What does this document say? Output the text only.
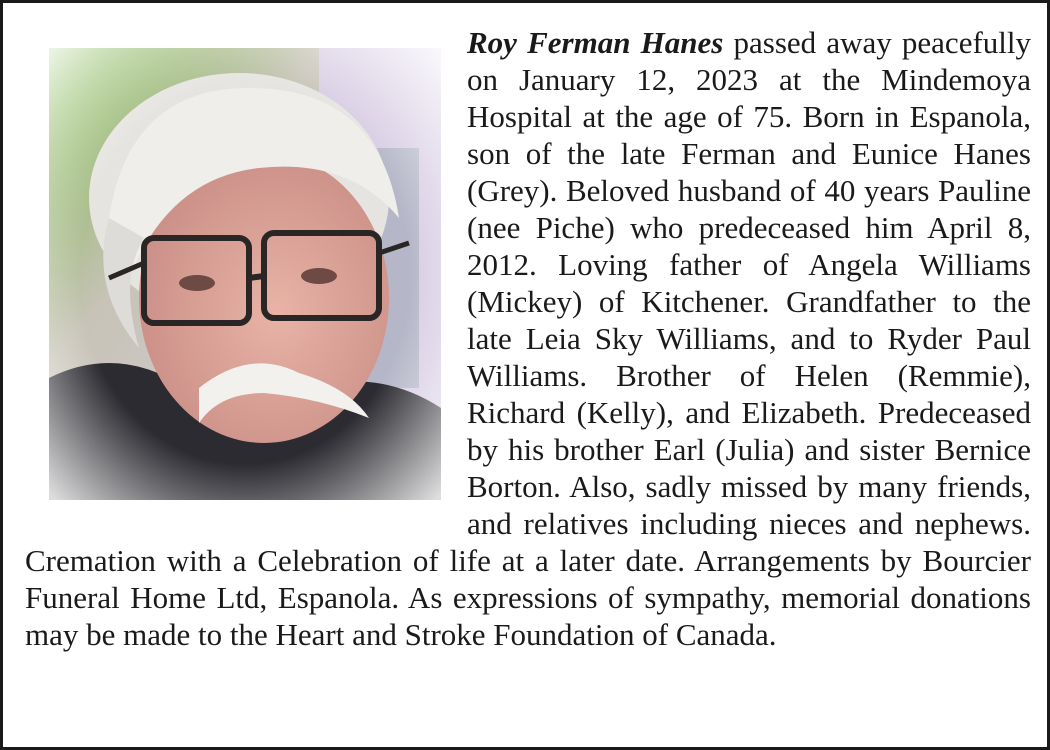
Roy Ferman Hanes passed away peacefully on January 12, 2023 at the Mindemoya Hospital at the age of 75. Born in Espanola, son of the late Ferman and Eunice Hanes (Grey). Beloved husband of 40 years Pauline (nee Piche) who predeceased him April 8, 2012. Loving father of Angela Williams (Mickey) of Kitchener. Grandfather to the late Leia Sky Williams, and to Ryder Paul Williams. Brother of Helen (Remmie), Richard (Kelly), and Elizabeth. Predeceased by his brother Earl (Julia) and sister Bernice Borton. Also, sadly missed by many friends, and relatives including nieces and nephews. Cremation with a Celebration of life at a later date. Arrangements by Bourcier Funeral Home Ltd, Espanola. As expressions of sympathy, memorial donations may be made to the Heart and Stroke Foundation of Canada.
